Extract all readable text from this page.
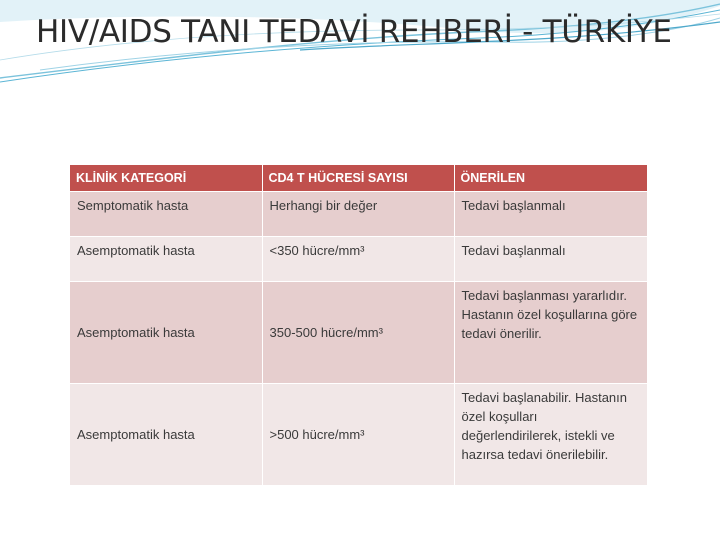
HIV/AIDS TANI TEDAVİ REHBERİ - TÜRKİYE
KLİNİK KATEGORİ	CD4 T HÜCRESİ SAYISI	ÖNERİLEN
Semptomatik hasta	Herhangi bir değer	Tedavi başlanmalı
Asemptomatik hasta	<350 hücre/mm³	Tedavi başlanmalı
Asemptomatik hasta	350-500 hücre/mm³	Tedavi başlanması yararlıdır. Hastanın özel koşullarına göre tedavi önerilir.
Asemptomatik hasta	>500 hücre/mm³	Tedavi başlanabilir. Hastanın özel koşulları değerlendirilerek, istekli ve hazırsa tedavi önerilebilir.
